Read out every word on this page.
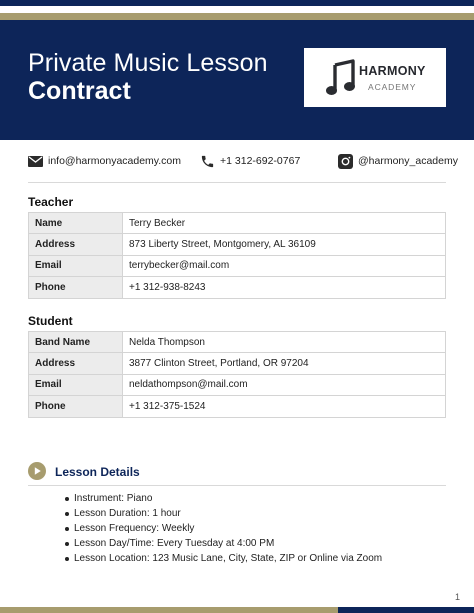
Private Music Lesson
Contract
HARMONY
ACADEMY
info@harmonyacademy.com	+1 312-692-0767	@harmony_academy
Teacher
Name	Terry Becker
Address	873 Liberty Street, Montgomery, AL 36109
Email	terrybecker@mail.com
Phone	+1 312-938-8243
Student
Band Name	Nelda Thompson
Address	3877 Clinton Street, Portland, OR 97204
Email	neldathompson@mail.com
Phone	+1 312-375-1524
Lesson Details
Instrument: Piano
Lesson Duration: 1 hour
Lesson Frequency: Weekly
Lesson Day/Time: Every Tuesday at 4:00 PM
Lesson Location: 123 Music Lane, City, State, ZIP or Online via Zoom
1
